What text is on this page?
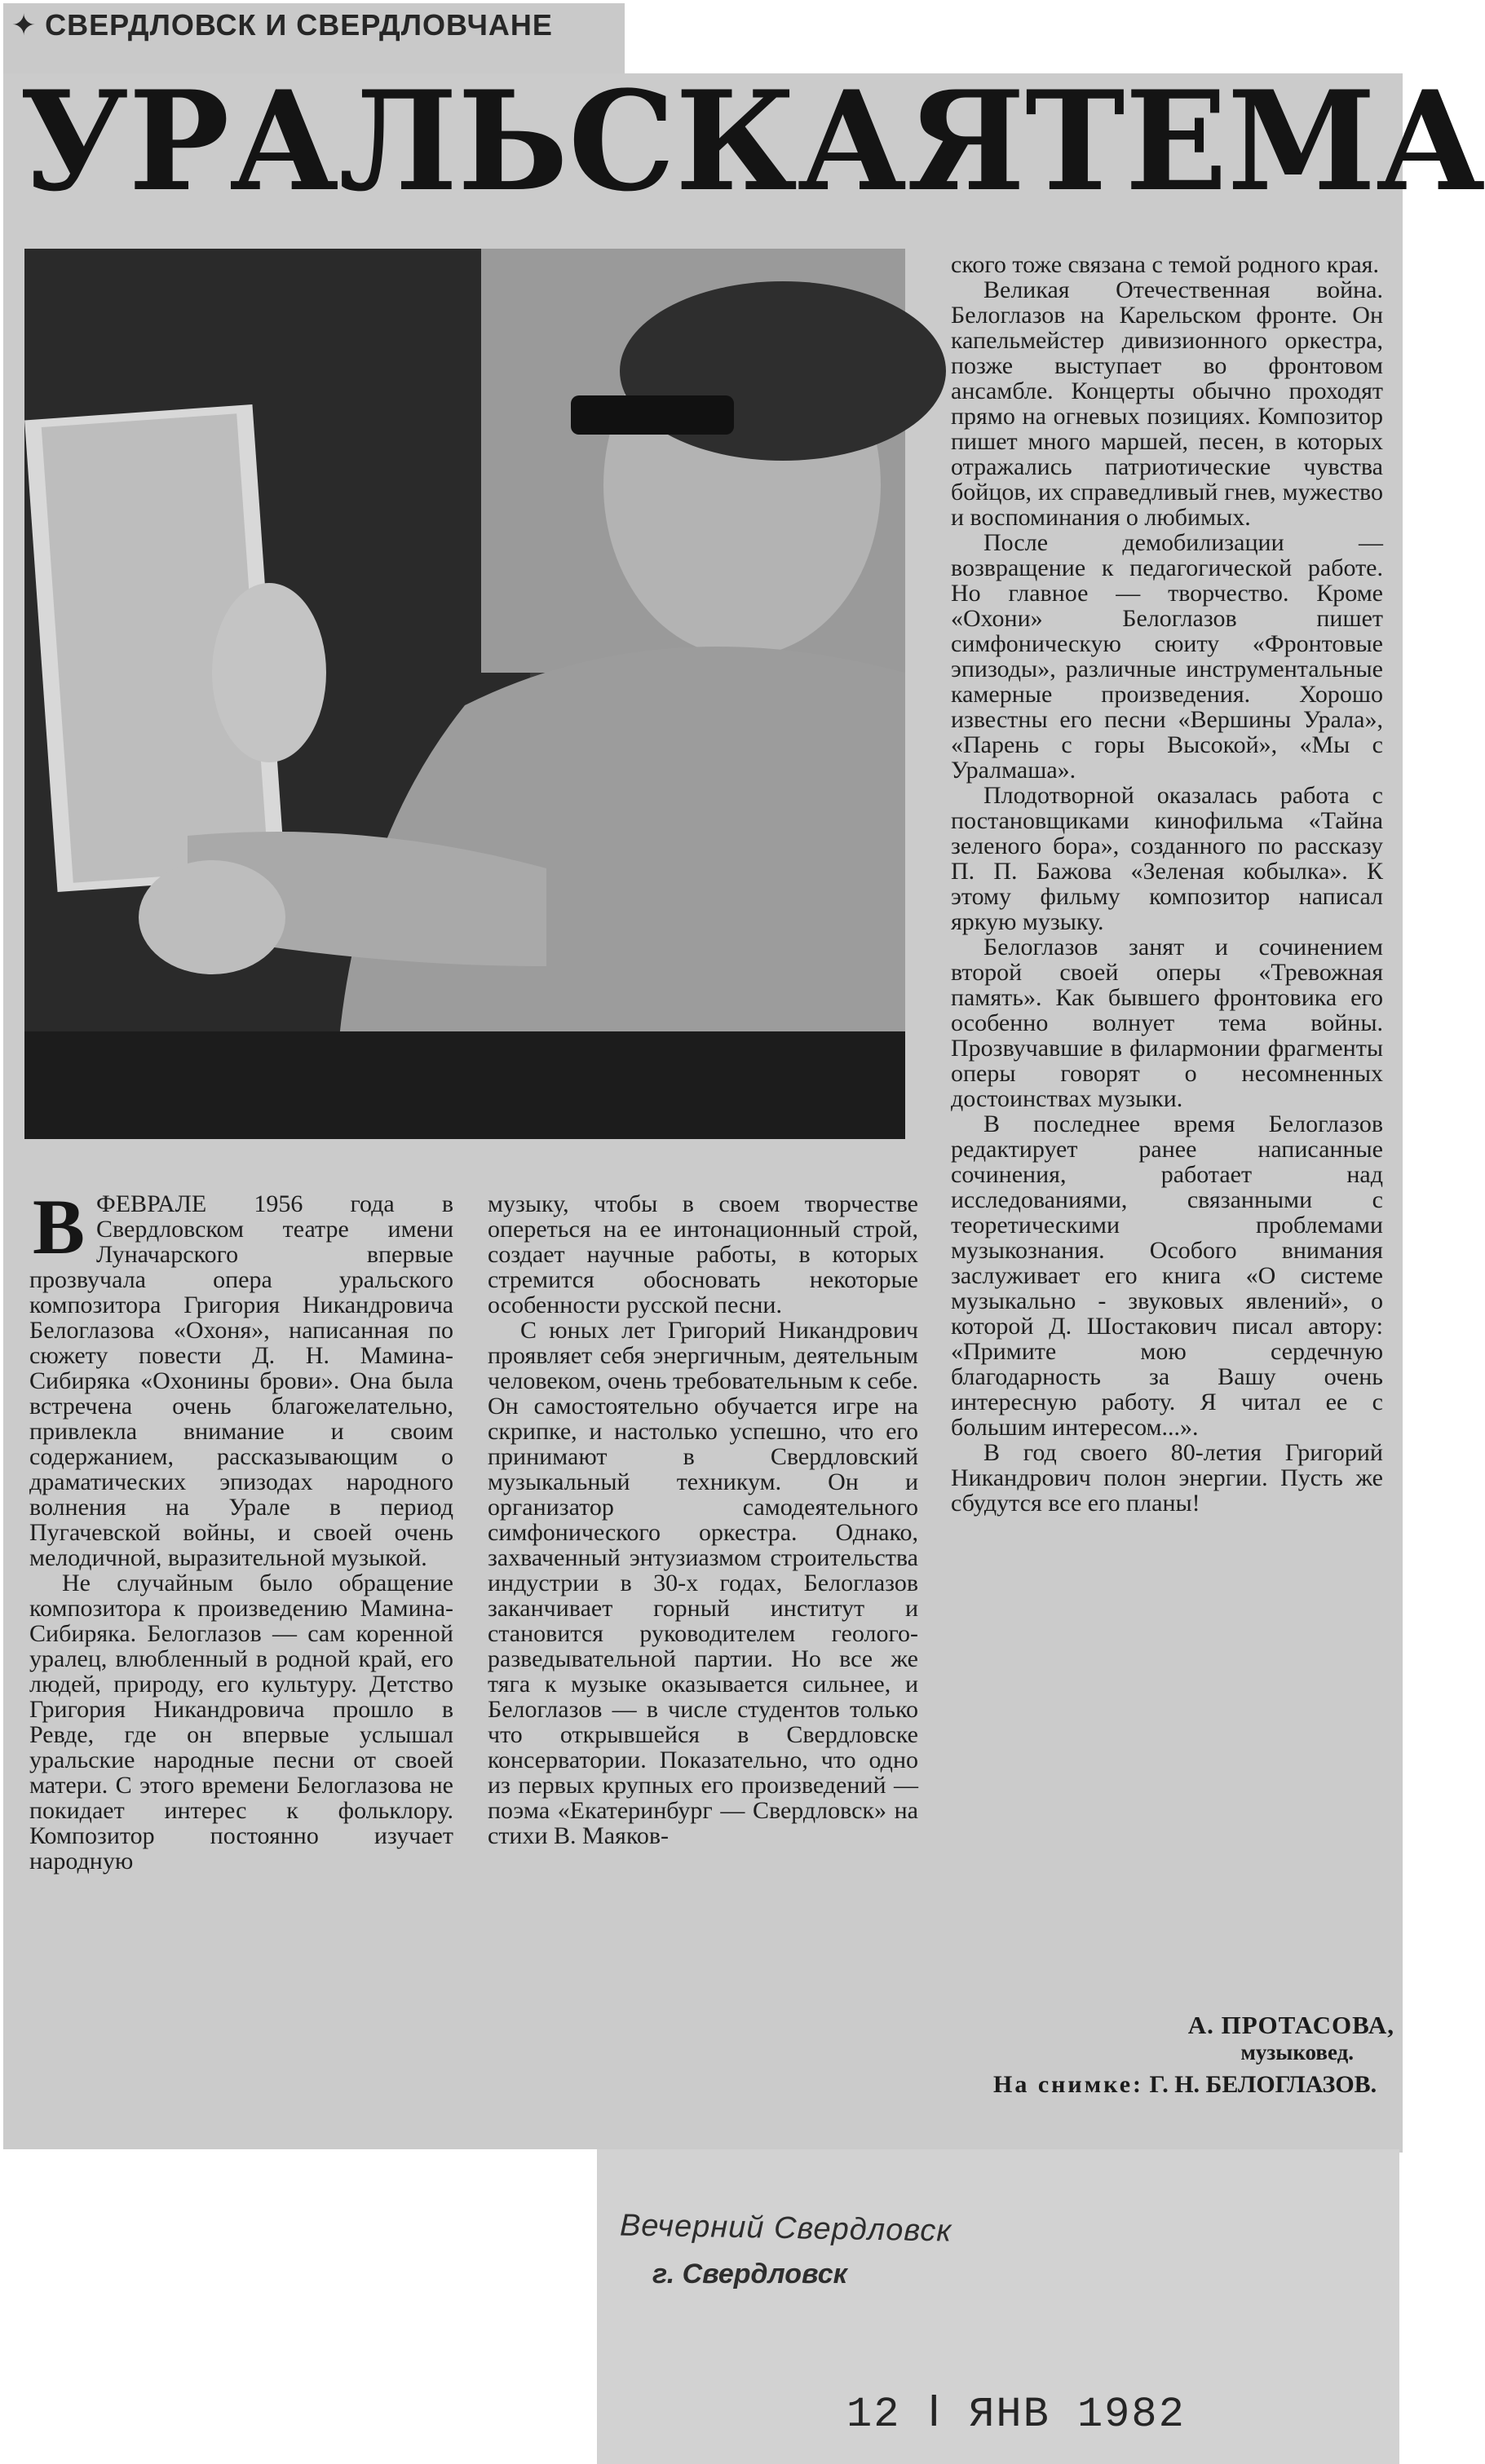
✦ СВЕРДЛОВСК И СВЕРДЛОВЧАНЕ
УРАЛЬСКАЯ ТЕМА

В ФЕВРАЛЕ 1956 года в Свердловском театре имени Луначарского впервые прозвучала опера уральского композитора Григория Никандровича Белоглазова «Охоня», написанная по сюжету повести Д. Н. Мамина-Сибиряка «Охонины брови». Она была встречена очень благожелательно, привлекла внимание и своим содержанием, рассказывающим о драматических эпизодах народного волнения на Урале в период Пугачевской войны, и своей очень мелодичной, выразительной музыкой.

Не случайным было обращение композитора к произведению Мамина-Сибиряка. Белоглазов — сам коренной уралец, влюбленный в родной край, его людей, природу, его культуру. Детство Григория Никандровича прошло в Ревде, где он впервые услышал уральские народные песни от своей матери. С этого времени Белоглазова не покидает интерес к фольклору. Композитор постоянно изучает народную

музыку, чтобы в своем творчестве опереться на ее интонационный строй, создает научные работы, в которых стремится обосновать некоторые особенности русской песни.

С юных лет Григорий Никандрович проявляет себя энергичным, деятельным человеком, очень требовательным к себе. Он самостоятельно обучается игре на скрипке, и настолько успешно, что его принимают в Свердловский музыкальный техникум. Он и организатор самодеятельного симфонического оркестра. Однако, захваченный энтузиазмом строительства индустрии в 30-х годах, Белоглазов заканчивает горный институт и становится руководителем геолого-разведывательной партии. Но все же тяга к музыке оказывается сильнее, и Белоглазов — в числе студентов только что открывшейся в Свердловске консерватории. Показательно, что одно из первых крупных его произведений — поэма «Екатеринбург — Свердловск» на стихи В. Маяков-

ского тоже связана с темой родного края.

Великая Отечественная война. Белоглазов на Карельском фронте. Он капельмейстер дивизионного оркестра, позже выступает во фронтовом ансамбле. Концерты обычно проходят прямо на огневых позициях. Композитор пишет много маршей, песен, в которых отражались патриотические чувства бойцов, их справедливый гнев, мужество и воспоминания о любимых.

После демобилизации — возвращение к педагогической работе. Но главное — творчество. Кроме «Охони» Белоглазов пишет симфоническую сюиту «Фронтовые эпизоды», различные инструментальные камерные произведения. Хорошо известны его песни «Вершины Урала», «Парень с горы Высокой», «Мы с Уралмаша».

Плодотворной оказалась работа с постановщиками кинофильма «Тайна зеленого бора», созданного по рассказу П. П. Бажова «Зеленая кобылка». К этому фильму композитор написал яркую музыку.

Белоглазов занят и сочинением второй своей оперы «Тревожная память». Как бывшего фронтовика его особенно волнует тема войны. Прозвучавшие в филармонии фрагменты оперы говорят о несомненных достоинствах музыки.

В последнее время Белоглазов редактирует ранее написанные сочинения, работает над исследованиями, связанными с теоретическими проблемами музыкознания. Особого внимания заслуживает его книга «О системе музыкально - звуковых явлений», о которой Д. Шостакович писал автору: «Примите мою сердечную благодарность за Вашу очень интересную работу. Я читал ее с большим интересом...».

В год своего 80-летия Григорий Никандрович полон энергии. Пусть же сбудутся все его планы!

А. ПРОТАСОВА,
музыковед.
На снимке: Г. Н. БЕЛОГЛАЗОВ.
Вечерний Свердловск
г. Свердловск
12 Ⅰ ЯНВ 1982
